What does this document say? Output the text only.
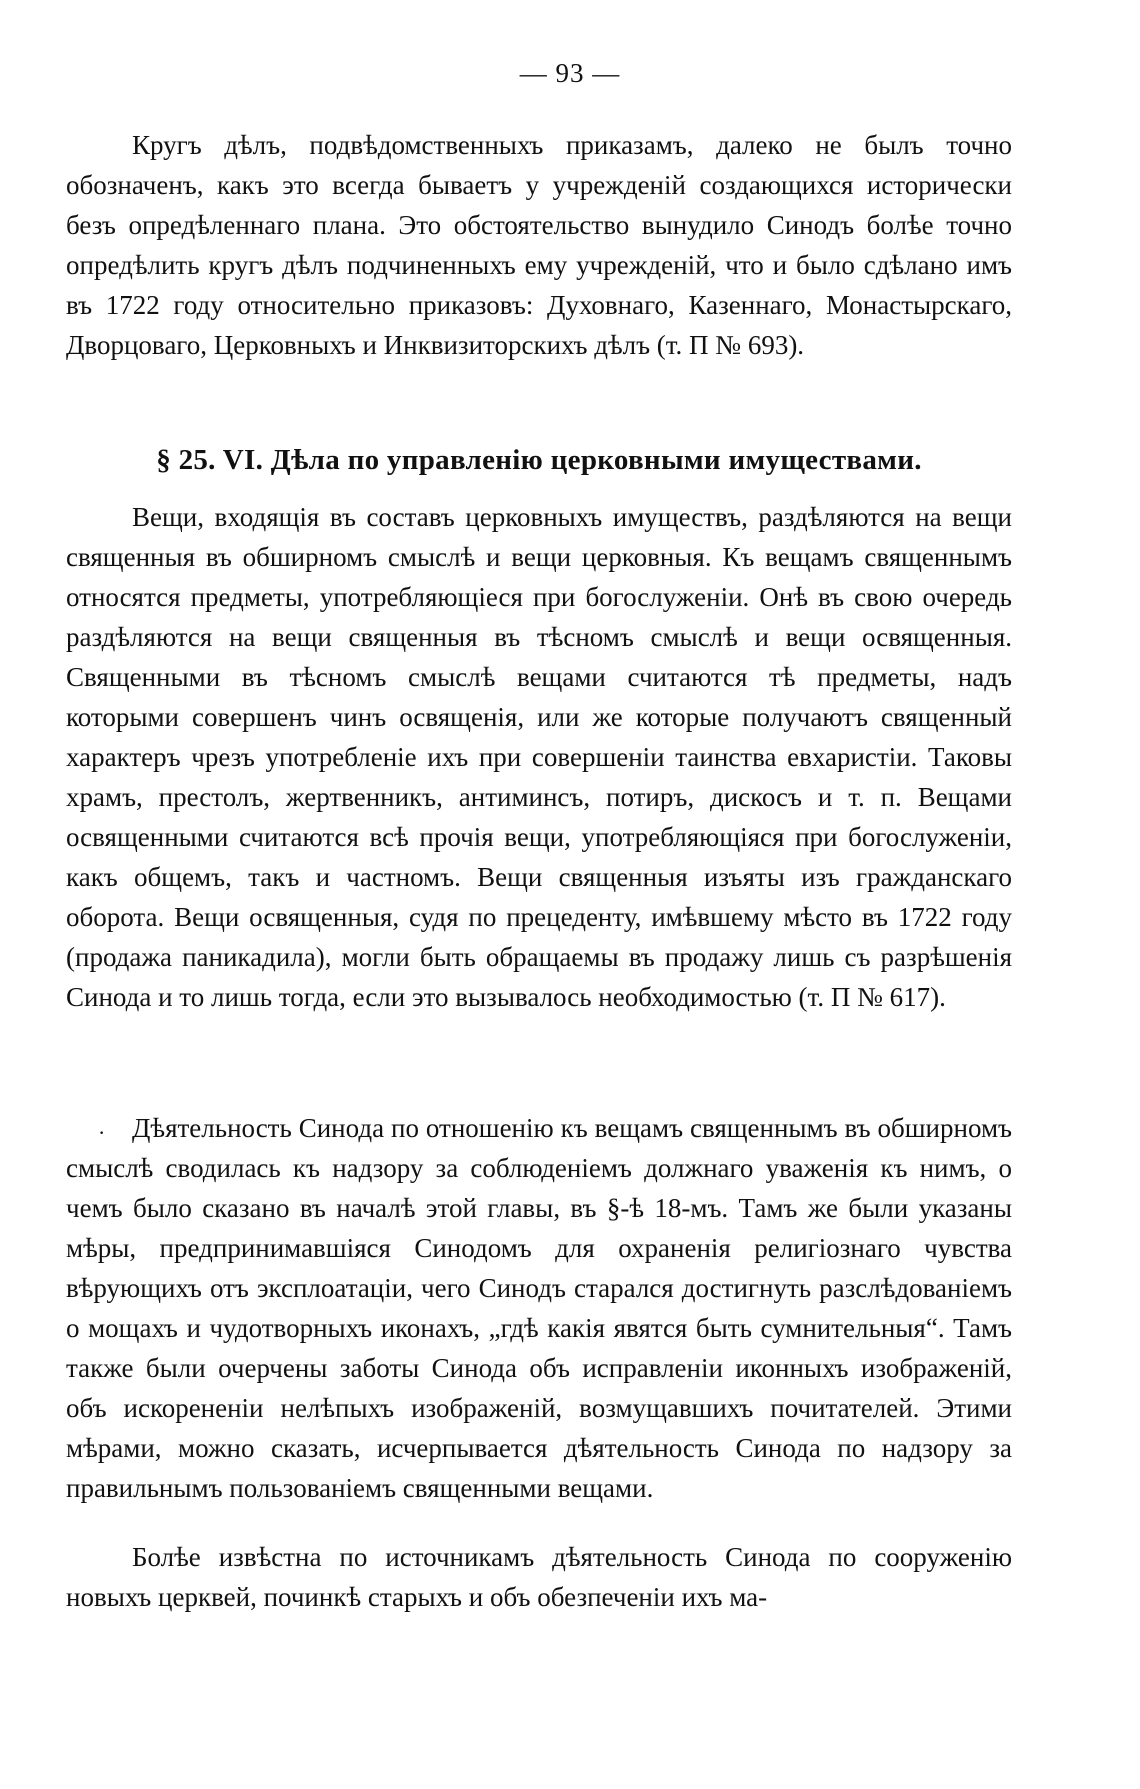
— 93 —

Кругъ дѣлъ, подвѣдомственныхъ приказамъ, далеко не былъ точно обозначенъ, какъ это всегда бываетъ у учрежденій создающихся исторически безъ опредѣленнаго плана. Это обстоятельство вынудило Синодъ болѣе точно опредѣлить кругъ дѣлъ подчиненныхъ ему учрежденій, что и было сдѣлано имъ въ 1722 году относительно приказовъ: Духовнаго, Казеннаго, Монастырскаго, Дворцоваго, Церковныхъ и Инквизиторскихъ дѣлъ (т. П № 693).

§ 25. VI. Дѣла по управленію церковными имуществами.

Вещи, входящія въ составъ церковныхъ имуществъ, раздѣляются на вещи священныя въ обширномъ смыслѣ и вещи церковныя. Къ вещамъ священнымъ относятся предметы, употребляющіеся при богослуженіи. Онѣ въ свою очередь раздѣляются на вещи священныя въ тѣсномъ смыслѣ и вещи освященныя. Священными въ тѣсномъ смыслѣ вещами считаются тѣ предметы, надъ которыми совершенъ чинъ освященія, или же которые получаютъ священный характеръ чрезъ употребленіе ихъ при совершеніи таинства евхаристіи. Таковы храмъ, престолъ, жертвенникъ, антиминсъ, потиръ, дискосъ и т. п. Вещами освященными считаются всѣ прочія вещи, употребляющіяся при богослуженіи, какъ общемъ, такъ и частномъ. Вещи священныя изъяты изъ гражданскаго оборота. Вещи освященныя, судя по прецеденту, имѣвшему мѣсто въ 1722 году (продажа паникадила), могли быть обращаемы въ продажу лишь съ разрѣшенія Синода и то лишь тогда, если это вызывалось необходимостью (т. П № 617).

· Дѣятельность Синода по отношенію къ вещамъ священнымъ въ обширномъ смыслѣ сводилась къ надзору за соблюденіемъ должнаго уваженія къ нимъ, о чемъ было сказано въ началѣ этой главы, въ §-ѣ 18-мъ. Тамъ же были указаны мѣры, предпринимавшіяся Синодомъ для охраненія религіознаго чувства вѣрующихъ отъ эксплоатаціи, чего Синодъ старался достигнуть разслѣдованіемъ о мощахъ и чудотворныхъ иконахъ, „гдѣ какія явятся быть сумнительныя“. Тамъ также были очерчены заботы Синода объ исправленіи иконныхъ изображеній, объ искорененіи нелѣпыхъ изображеній, возмущавшихъ почитателей. Этими мѣрами, можно сказать, исчерпывается дѣятельность Синода по надзору за правильнымъ пользованіемъ священными вещами.

Болѣе извѣстна по источникамъ дѣятельность Синода по сооруженію новыхъ церквей, починкѣ старыхъ и объ обезпеченіи ихъ ма-
